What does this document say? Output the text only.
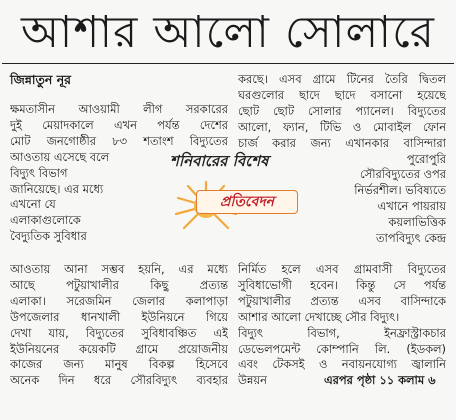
আশার আলো সোলারে
জিন্নাতুন নূর
ক্ষমতাসীন আওয়ামী লীগ সরকারের
দুই মেয়াদকালে এখন পর্যন্ত দেশের
মোট জনগোষ্ঠীর ৮৩ শতাংশ বিদ্যুতের
আওতায় এসেছে বলে
বিদ্যুৎ বিভাগ
জানিয়েছে। এর মধ্যে
এখনো যে
এলাকাগুলোকে
বৈদ্যুতিক সুবিধার
আওতায় আনা সম্ভব হয়নি, এর মধ্যে
আছে পটুয়াখালীর কিছু প্রত্যন্ত
এলাকা। সরেজমিন জেলার কলাপাড়া
উপজেলার ধানখালী ইউনিয়নে গিয়ে
দেখা যায়, বিদ্যুতের সুবিধাবঞ্চিত এই
ইউনিয়নের কয়েকটি গ্রামে প্রয়োজনীয়
কাজের জন্য মানুষ বিকল্প হিসেবে
অনেক দিন ধরে সৌরবিদ্যুৎ ব্যবহার
করছে। এসব গ্রামে টিনের তৈরি দ্বিতল
ঘরগুলোর ছাদে ছাদে বসানো হয়েছে
ছোট ছোট সোলার প্যানেল। বিদ্যুতের
আলো, ফ্যান, টিভি ও মোবাইল ফোন
চার্জ করার জন্য এখানকার বাসিন্দারা
পুরোপুরি
সৌরবিদ্যুতের ওপর
নির্ভরশীল। ভবিষ্যতে
এখানে পায়রায়
কয়লাভিত্তিক
তাপবিদ্যুৎ কেন্দ্র
নির্মিত হলে এসব গ্রামবাসী বিদ্যুতের
সুবিধাভোগী হবেন। কিন্তু সে পর্যন্ত
পটুয়াখালীর প্রত্যন্ত এসব বাসিন্দাকে
আশার আলো দেখাচ্ছে সৌর বিদ্যুৎ।
বিদ্যুৎ বিভাগ, ইনফ্রাস্ট্রাকচার
ডেভেলপমেন্ট কোম্পানি লি. (ইডকল)
এবং টেকসই ও নবায়নযোগ্য জ্বালানি
উন্নয়ন	এরপর পৃষ্ঠা ১১ কলাম ৬
শনিবারের বিশেষ
প্রতিবেদন
